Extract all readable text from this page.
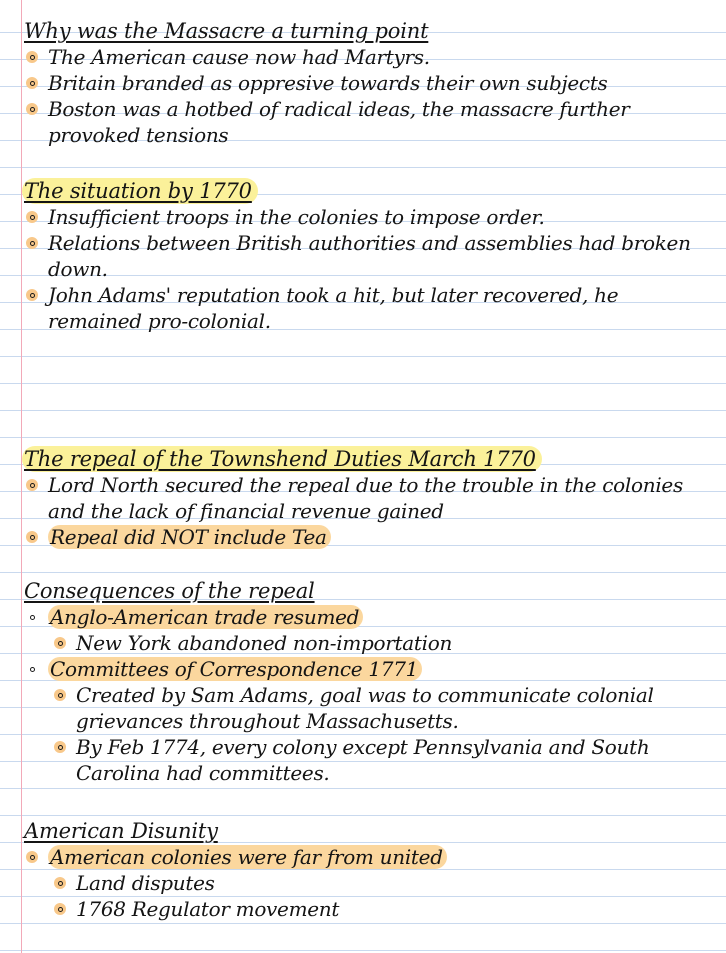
Why was the Massacre a turning point
The American cause now had Martyrs.
Britain branded as oppresive towards their own subjects
Boston was a hotbed of radical ideas, the massacre further provoked tensions
The situation by 1770
Insufficient troops in the colonies to impose order.
Relations between British authorities and assemblies had broken down.
John Adams' reputation took a hit, but later recovered, he remained pro-colonial.
The repeal of the Townshend Duties March 1770
Lord North secured the repeal due to the trouble in the colonies and the lack of financial revenue gained
Repeal did NOT include Tea
Consequences of the repeal
Anglo-American trade resumed
New York abandoned non-importation
Committees of Correspondence 1771
Created by Sam Adams, goal was to communicate colonial grievances throughout Massachusetts.
By Feb 1774, every colony except Pennsylvania and South Carolina had committees.
American Disunity
American colonies were far from united
Land disputes
1768 Regulator movement
